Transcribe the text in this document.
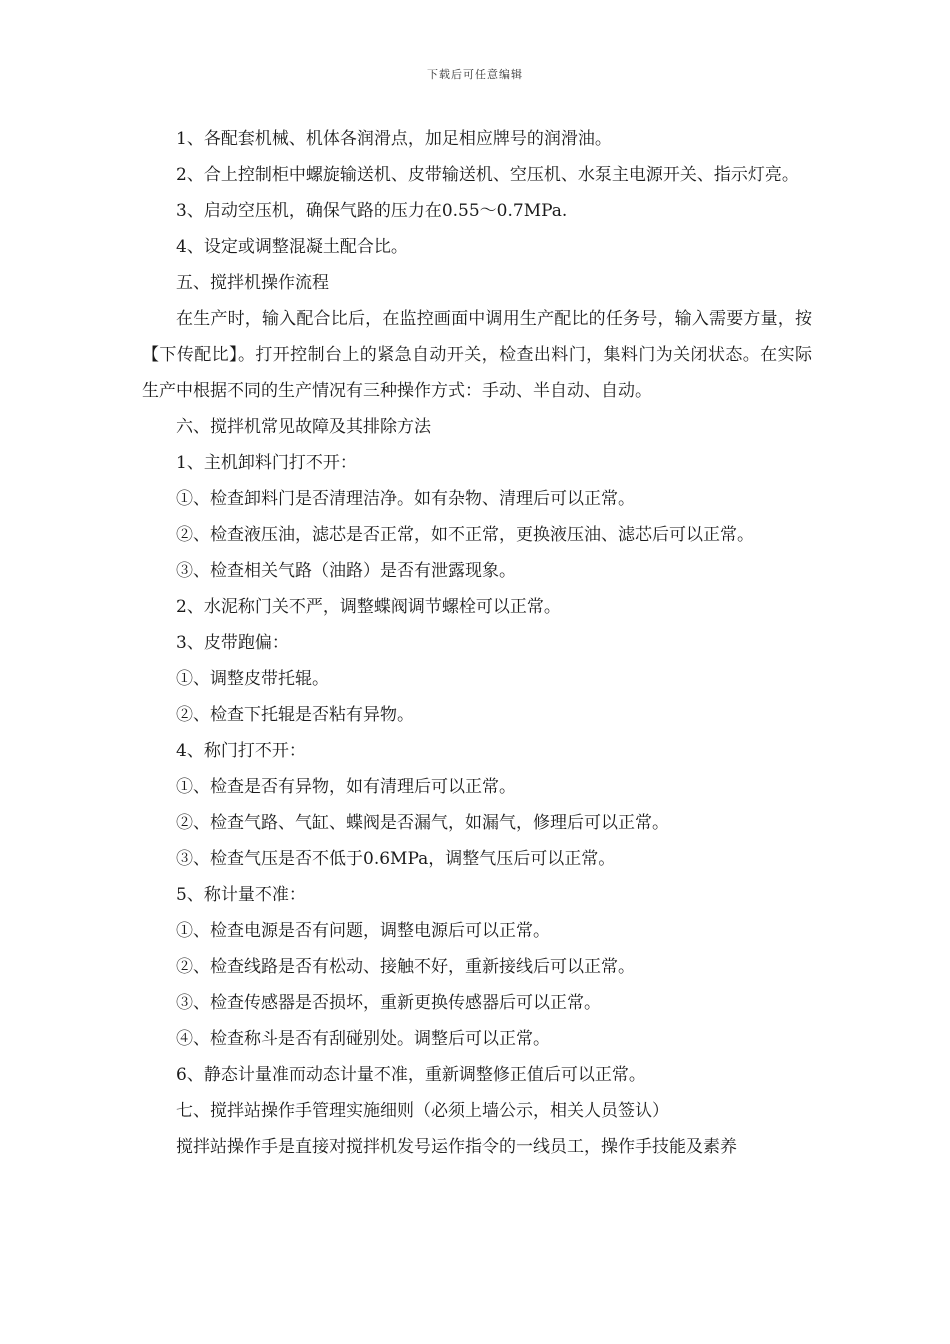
下载后可任意编辑

1、各配套机械、机体各润滑点，加足相应牌号的润滑油。

2、合上控制柜中螺旋输送机、皮带输送机、空压机、水泵主电源开关、指示灯亮。

3、启动空压机，确保气路的压力在0.55～0.7MPa.

4、设定或调整混凝土配合比。

五、搅拌机操作流程

在生产时，输入配合比后，在监控画面中调用生产配比的任务号，输入需要方量，按【下传配比】。打开控制台上的紧急自动开关，检查出料门，集料门为关闭状态。在实际生产中根据不同的生产情况有三种操作方式：手动、半自动、自动。

六、搅拌机常见故障及其排除方法

1、主机卸料门打不开：

①、检查卸料门是否清理洁净。如有杂物、清理后可以正常。

②、检查液压油，滤芯是否正常，如不正常，更换液压油、滤芯后可以正常。

③、检查相关气路（油路）是否有泄露现象。

2、水泥称门关不严，调整蝶阀调节螺栓可以正常。

3、皮带跑偏：

①、调整皮带托辊。

②、检查下托辊是否粘有异物。

4、称门打不开：

①、检查是否有异物，如有清理后可以正常。

②、检查气路、气缸、蝶阀是否漏气，如漏气，修理后可以正常。

③、检查气压是否不低于0.6MPa，调整气压后可以正常。

5、称计量不准：

①、检查电源是否有问题，调整电源后可以正常。

②、检查线路是否有松动、接触不好，重新接线后可以正常。

③、检查传感器是否损坏，重新更换传感器后可以正常。

④、检查称斗是否有刮碰别处。调整后可以正常。

6、静态计量准而动态计量不准，重新调整修正值后可以正常。

七、搅拌站操作手管理实施细则（必须上墙公示，相关人员签认）

搅拌站操作手是直接对搅拌机发号运作指令的一线员工，操作手技能及素养
